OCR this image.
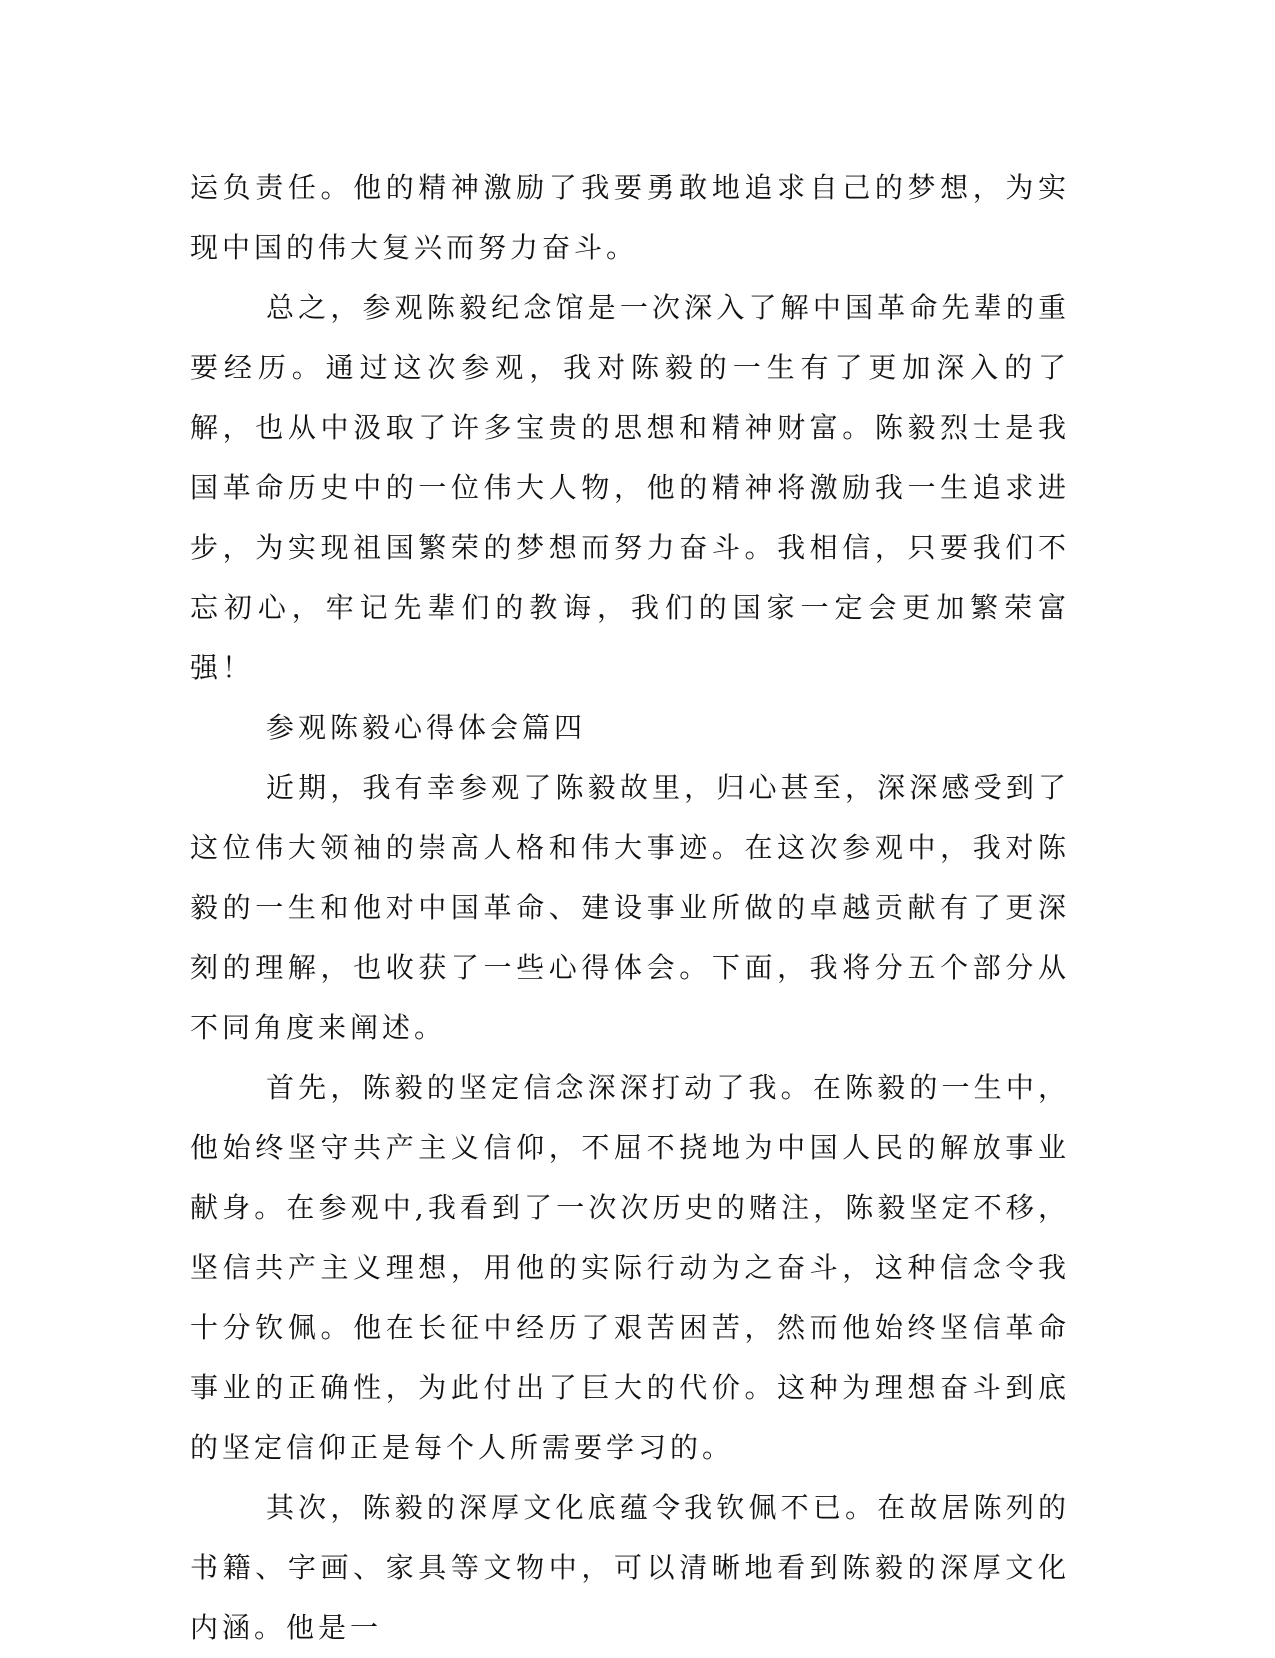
运负责任。他的精神激励了我要勇敢地追求自己的梦想，为实现中国的伟大复兴而努力奋斗。

总之，参观陈毅纪念馆是一次深入了解中国革命先辈的重要经历。通过这次参观，我对陈毅的一生有了更加深入的了解，也从中汲取了许多宝贵的思想和精神财富。陈毅烈士是我国革命历史中的一位伟大人物，他的精神将激励我一生追求进步，为实现祖国繁荣的梦想而努力奋斗。我相信，只要我们不忘初心，牢记先辈们的教诲，我们的国家一定会更加繁荣富强！

参观陈毅心得体会篇四

近期，我有幸参观了陈毅故里，归心甚至，深深感受到了这位伟大领袖的崇高人格和伟大事迹。在这次参观中，我对陈毅的一生和他对中国革命、建设事业所做的卓越贡献有了更深刻的理解，也收获了一些心得体会。下面，我将分五个部分从不同角度来阐述。

首先，陈毅的坚定信念深深打动了我。在陈毅的一生中，他始终坚守共产主义信仰，不屈不挠地为中国人民的解放事业献身。在参观中,我看到了一次次历史的赌注，陈毅坚定不移，坚信共产主义理想，用他的实际行动为之奋斗，这种信念令我十分钦佩。他在长征中经历了艰苦困苦，然而他始终坚信革命事业的正确性，为此付出了巨大的代价。这种为理想奋斗到底的坚定信仰正是每个人所需要学习的。

其次，陈毅的深厚文化底蕴令我钦佩不已。在故居陈列的书籍、字画、家具等文物中，可以清晰地看到陈毅的深厚文化内涵。他是一
